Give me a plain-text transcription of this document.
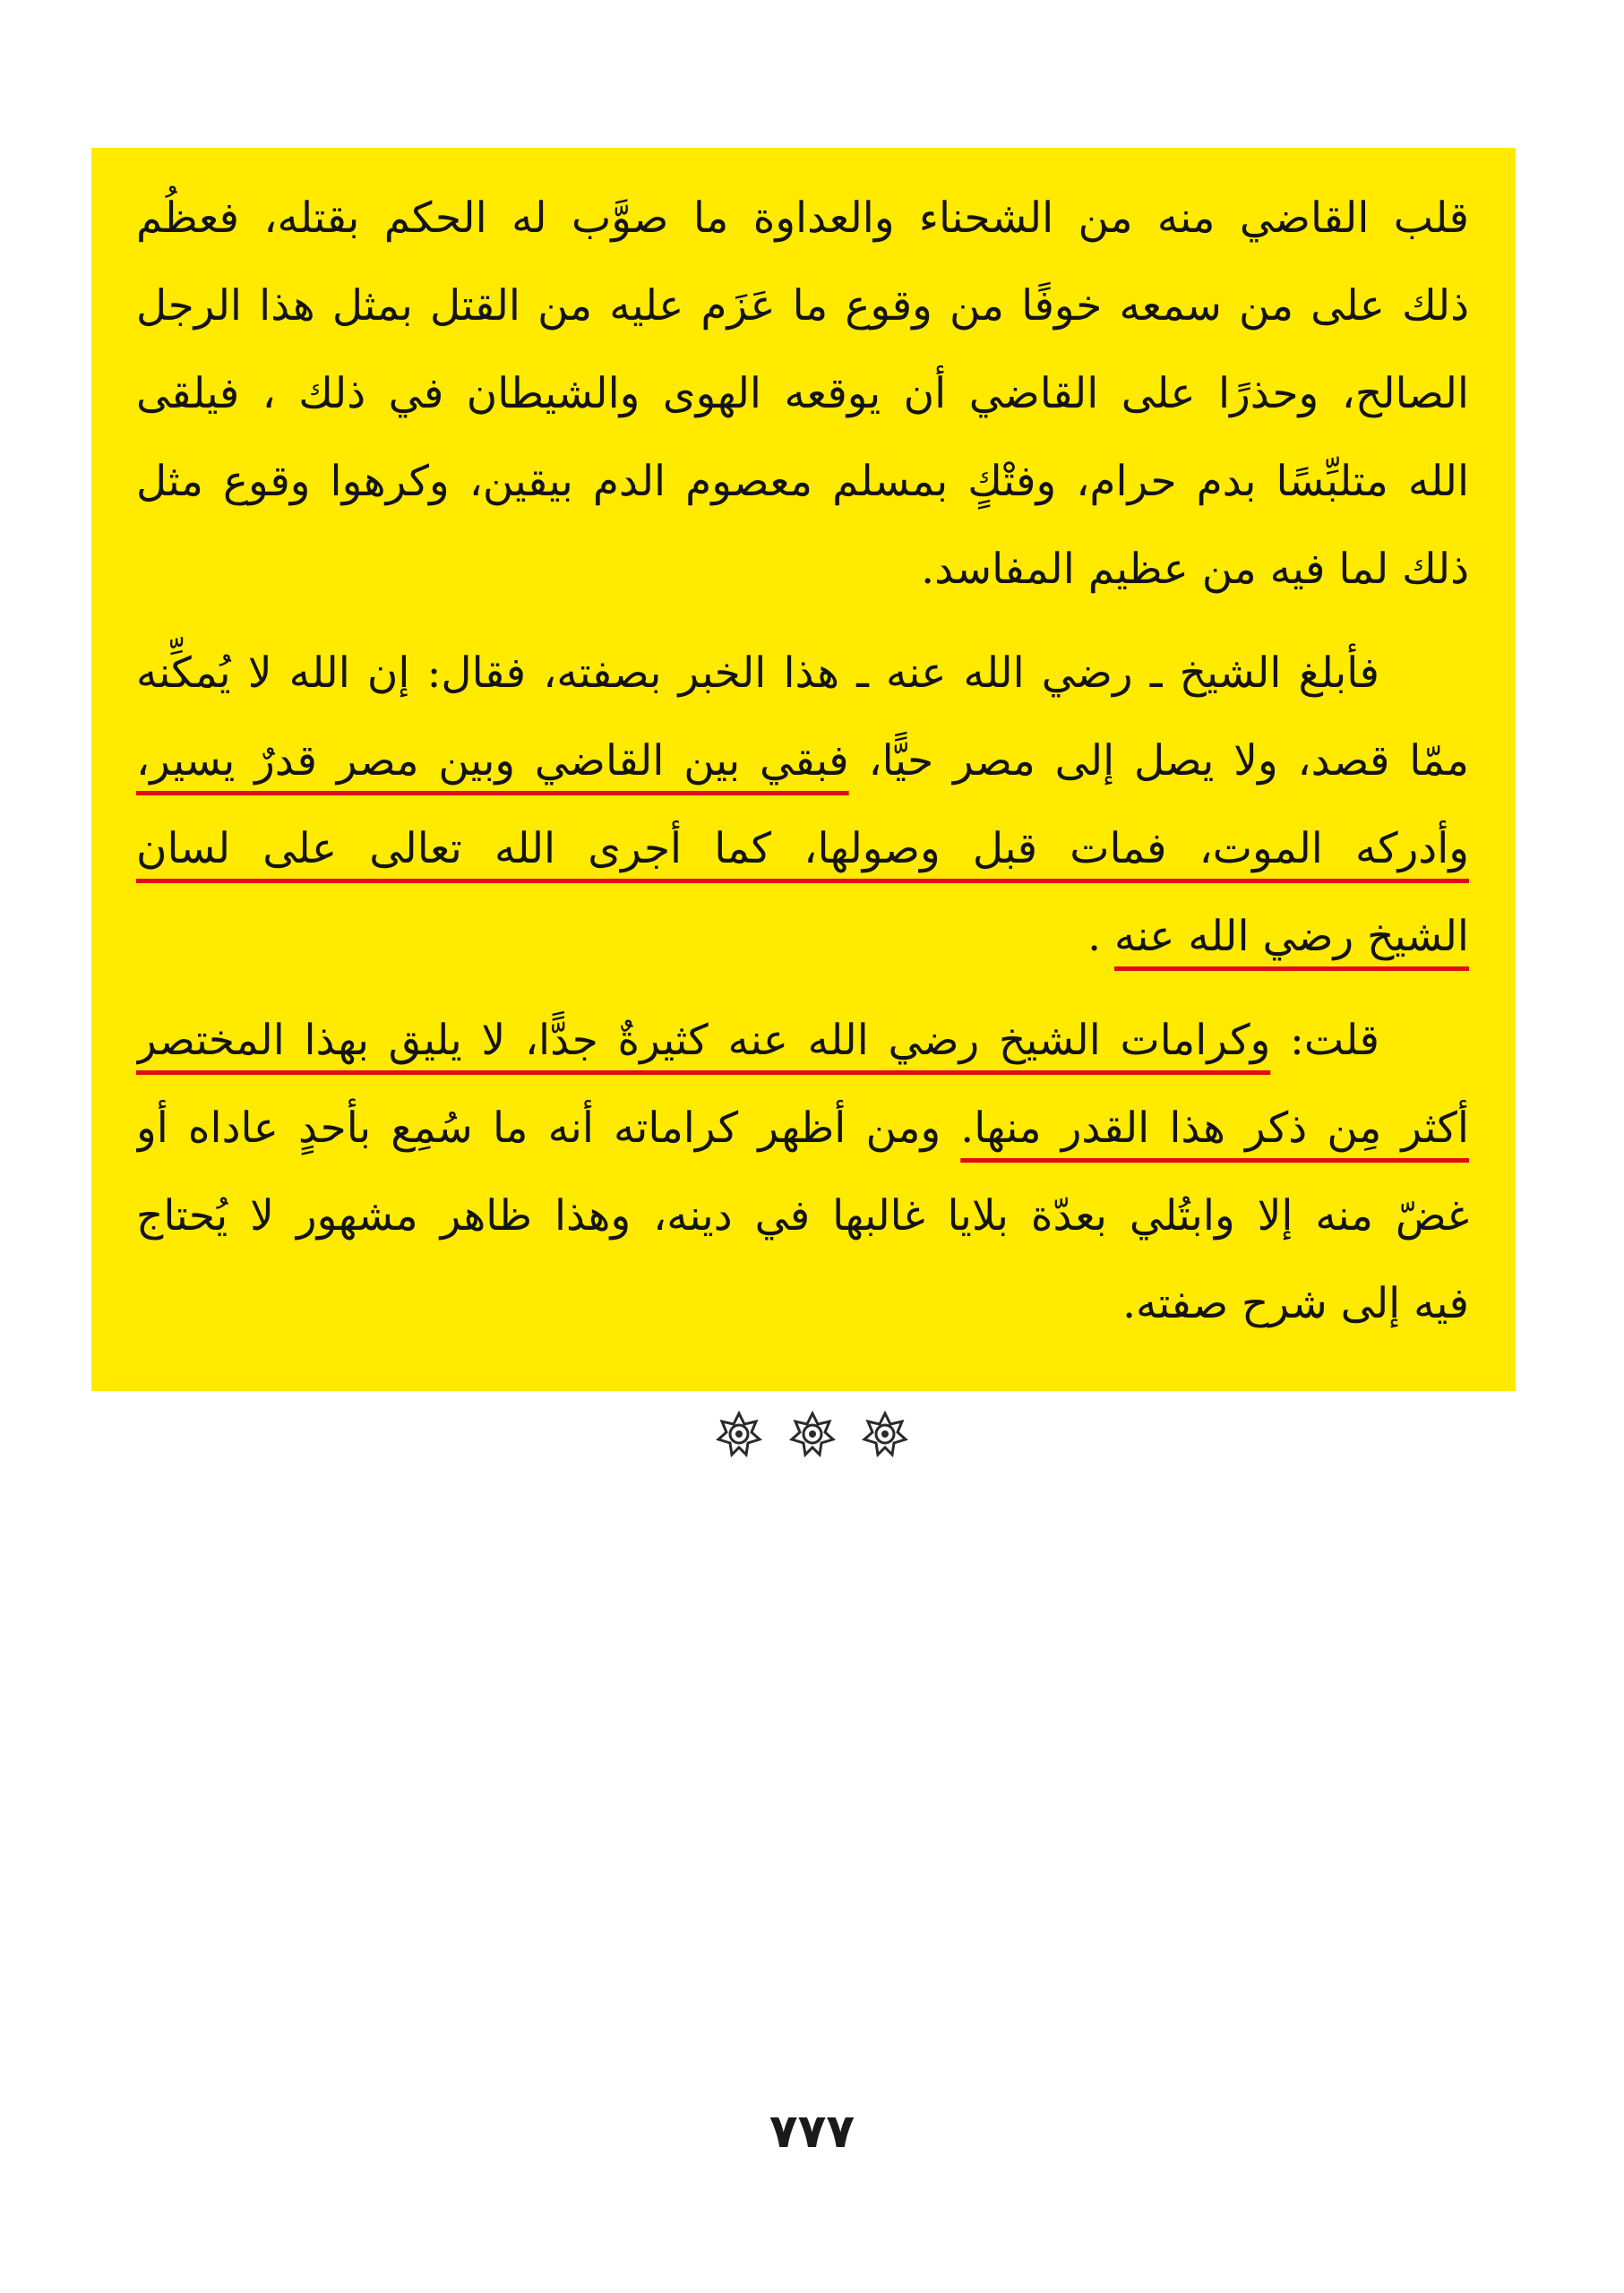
قلب القاضي منه من الشحناء والعداوة ما صوَّب له الحكم بقتله، فعظُم
ذلك على من سمعه خوفًا من وقوع ما عَزَم عليه من القتل بمثل هذا الرجل
الصالح، وحذرًا على القاضي أن يوقعه الهوى والشيطان في ذلك ، فيلقى
الله متلبِّسًا بدم حرام، وفتْكٍ بمسلم معصوم الدم بيقين، وكرهوا وقوع مثل
ذلك لما فيه من عظيم المفاسد.
فأبلغ الشيخ ـ رضي الله عنه ـ هذا الخبر بصفته، فقال: إن الله لا يُمكِّنه
ممّا قصد، ولا يصل إلى مصر حيًّا، فبقي بين القاضي وبين مصر قدرٌ يسير،
وأدركه الموت، فمات قبل وصولها، كما أجرى الله تعالى على لسان
الشيخ رضي الله عنه .
قلت: وكرامات الشيخ رضي الله عنه كثيرةٌ جدًّا، لا يليق بهذا المختصر
أكثر مِن ذكر هذا القدر منها. ومن أظهر كراماته أنه ما سُمِع بأحدٍ عاداه أو
غضّ منه إلا وابتُلي بعدّة بلايا غالبها في دينه، وهذا ظاهر مشهور لا يُحتاج
فيه إلى شرح صفته.

٧٧٧
